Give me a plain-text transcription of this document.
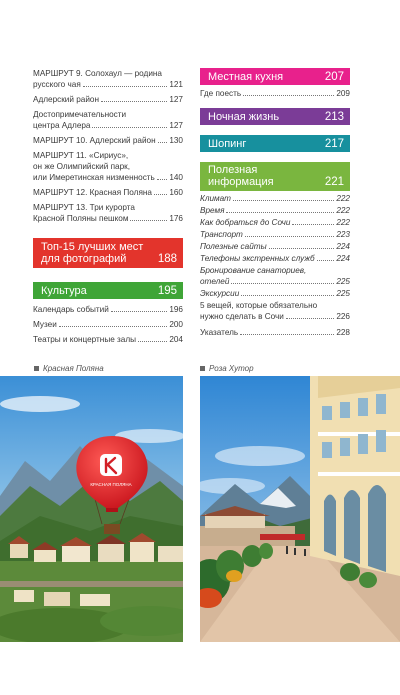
МАРШРУТ 9. Солохаул — родина
русского чая	121
Адлерский район	127
Достопримечательности
центра Адлера	127
МАРШРУТ 10. Адлерский район 130
МАРШРУТ 11. «Сириус»,
он же Олимпийский парк,
или Имеретинская низменность 140
МАРШРУТ 12. Красная Поляна 160
МАРШРУТ 13. Три курорта
Красной Поляны пешком	176
Топ-15 лучших мест
для фотографий	188
Культура	195
Календарь событий	196
Музеи	200
Театры и концертные залы	204
Местная кухня	207
Где поесть	209
Ночная жизнь	213
Шопинг	217
Полезная
информация	221
Климат	222
Время	222
Как добраться до Сочи	222
Транспорт	223
Полезные сайты	224
Телефоны экстренных служб	224
Бронирование санаториев,
отелей	225
Экскурсии	225
5 вещей, которые обязательно
нужно сделать в Сочи	226
Указатель	228
Красная Поляна	Роза Хутор
КРАСНАЯ ПОЛЯНА
